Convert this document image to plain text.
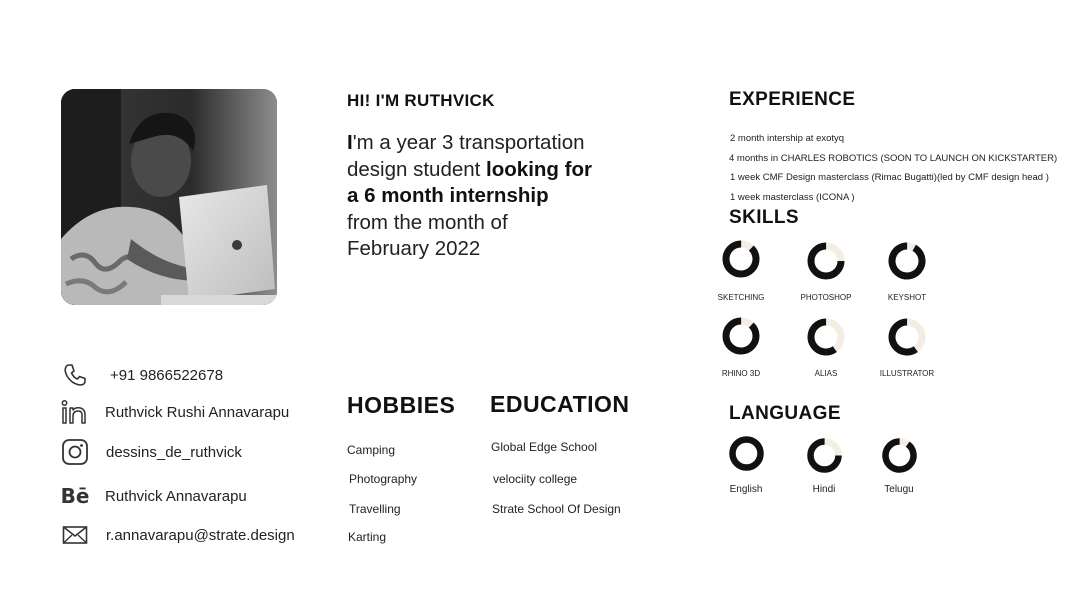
HI! I'M RUTHVICK
I'm a year 3 transportation
design student looking for
a 6 month internship
from the month of
February 2022
+91 9866522678
Ruthvick Rushi Annavarapu
dessins_de_ruthvick
Bē Ruthvick Annavarapu
r.annavarapu@strate.design
HOBBIES
Camping
Photography
Travelling
Karting
EDUCATION
Global Edge School
velociity college
Strate School Of Design
EXPERIENCE
2 month intership at exotyq
4 months in CHARLES ROBOTICS (SOON TO LAUNCH ON KICKSTARTER)
1 week CMF Design masterclass (Rimac Bugatti)(led by CMF design head )
1 week masterclass (ICONA )
SKILLS
SKETCHING	PHOTOSHOP	KEYSHOT
RHINO 3D	ALIAS	ILLUSTRATOR
LANGUAGE
English	Hindi	Telugu
